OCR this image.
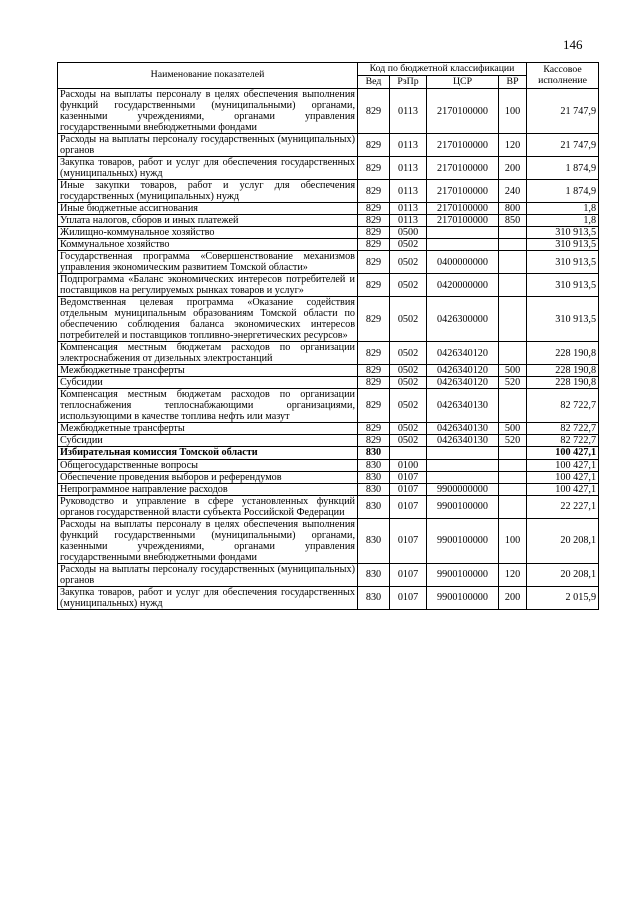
146
Наименование показателей	Код по бюджетной классификации				Кассовое исполнение
	Вед	РзПр	ЦСР	ВР	
Расходы на выплаты персоналу в целях обеспечения выполнения функций государственными (муниципальными) органами, казенными учреждениями, органами управления государственными внебюджетными фондами	829	0113	2170100000	100	21 747,9
Расходы на выплаты персоналу государственных (муниципальных) органов	829	0113	2170100000	120	21 747,9
Закупка товаров, работ и услуг для обеспечения государственных (муниципальных) нужд	829	0113	2170100000	200	1 874,9
Иные закупки товаров, работ и услуг для обеспечения государственных (муниципальных) нужд	829	0113	2170100000	240	1 874,9
Иные бюджетные ассигнования	829	0113	2170100000	800	1,8
Уплата налогов, сборов и иных платежей	829	0113	2170100000	850	1,8
Жилищно-коммунальное хозяйство	829	0500			310 913,5
Коммунальное хозяйство	829	0502			310 913,5
Государственная программа «Совершенствование механизмов управления экономическим развитием Томской области»	829	0502	0400000000		310 913,5
Подпрограмма «Баланс экономических интересов потребителей и поставщиков на регулируемых рынках товаров и услуг»	829	0502	0420000000		310 913,5
Ведомственная целевая программа «Оказание содействия отдельным муниципальным образованиям Томской области по обеспечению соблюдения баланса экономических интересов потребителей и поставщиков топливно-энергетических ресурсов»	829	0502	0426300000		310 913,5
Компенсация местным бюджетам расходов по организации электроснабжения от дизельных электростанций	829	0502	0426340120		228 190,8
Межбюджетные трансферты	829	0502	0426340120	500	228 190,8
Субсидии	829	0502	0426340120	520	228 190,8
Компенсация местным бюджетам расходов по организации теплоснабжения теплоснабжающими организациями, использующими в качестве топлива нефть или мазут	829	0502	0426340130		82 722,7
Межбюджетные трансферты	829	0502	0426340130	500	82 722,7
Субсидии	829	0502	0426340130	520	82 722,7
Избирательная комиссия Томской области	830				100 427,1
Общегосударственные вопросы	830	0100			100 427,1
Обеспечение проведения выборов и референдумов	830	0107			100 427,1
Непрограммное направление расходов	830	0107	9900000000		100 427,1
Руководство и управление в сфере установленных функций органов государственной власти субъекта Российской Федерации	830	0107	9900100000		22 227,1
Расходы на выплаты персоналу в целях обеспечения выполнения функций государственными (муниципальными) органами, казенными учреждениями, органами управления государственными внебюджетными фондами	830	0107	9900100000	100	20 208,1
Расходы на выплаты персоналу государственных (муниципальных) органов	830	0107	9900100000	120	20 208,1
Закупка товаров, работ и услуг для обеспечения государственных (муниципальных) нужд	830	0107	9900100000	200	2 015,9
